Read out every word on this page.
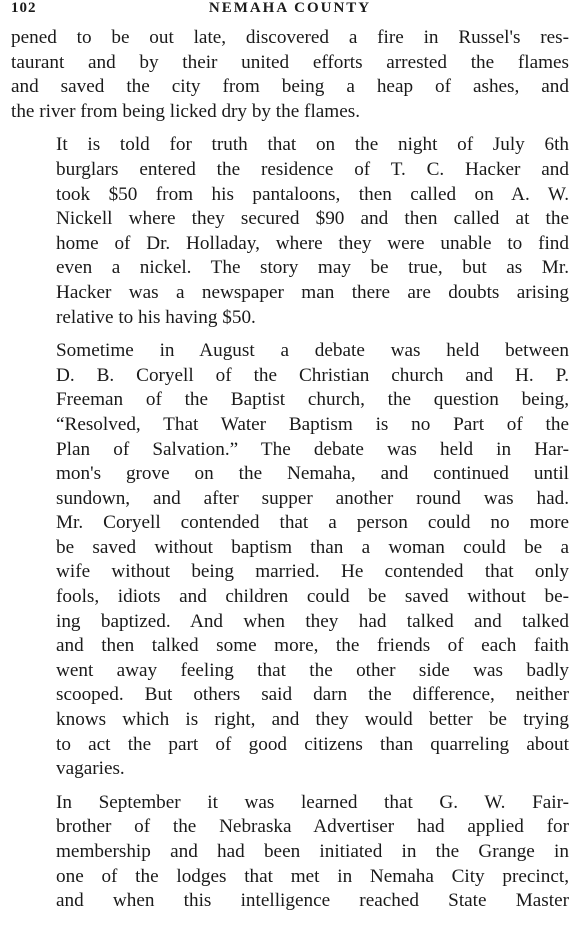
102	NEMAHA COUNTY

pened to be out late, discovered a fire in Russel's res-
taurant and by their united efforts arrested the flames
and saved the city from being a heap of ashes, and
the river from being licked dry by the flames.

It is told for truth that on the night of July 6th
burglars entered the residence of T. C. Hacker and
took $50 from his pantaloons, then called on A. W.
Nickell where they secured $90 and then called at the
home of Dr. Holladay, where they were unable to find
even a nickel. The story may be true, but as Mr.
Hacker was a newspaper man there are doubts arising
relative to his having $50.

Sometime in August a debate was held between
D. B. Coryell of the Christian church and H. P.
Freeman of the Baptist church, the question being,
“Resolved, That Water Baptism is no Part of the
Plan of Salvation.” The debate was held in Har-
mon's grove on the Nemaha, and continued until
sundown, and after supper another round was had.
Mr. Coryell contended that a person could no more
be saved without baptism than a woman could be a
wife without being married. He contended that only
fools, idiots and children could be saved without be-
ing baptized. And when they had talked and talked
and then talked some more, the friends of each faith
went away feeling that the other side was badly
scooped. But others said darn the difference, neither
knows which is right, and they would better be trying
to act the part of good citizens than quarreling about
vagaries.

In September it was learned that G. W. Fair-
brother of the Nebraska Advertiser had applied for
membership and had been initiated in the Grange in
one of the lodges that met in Nemaha City precinct,
and when this intelligence reached State Master
